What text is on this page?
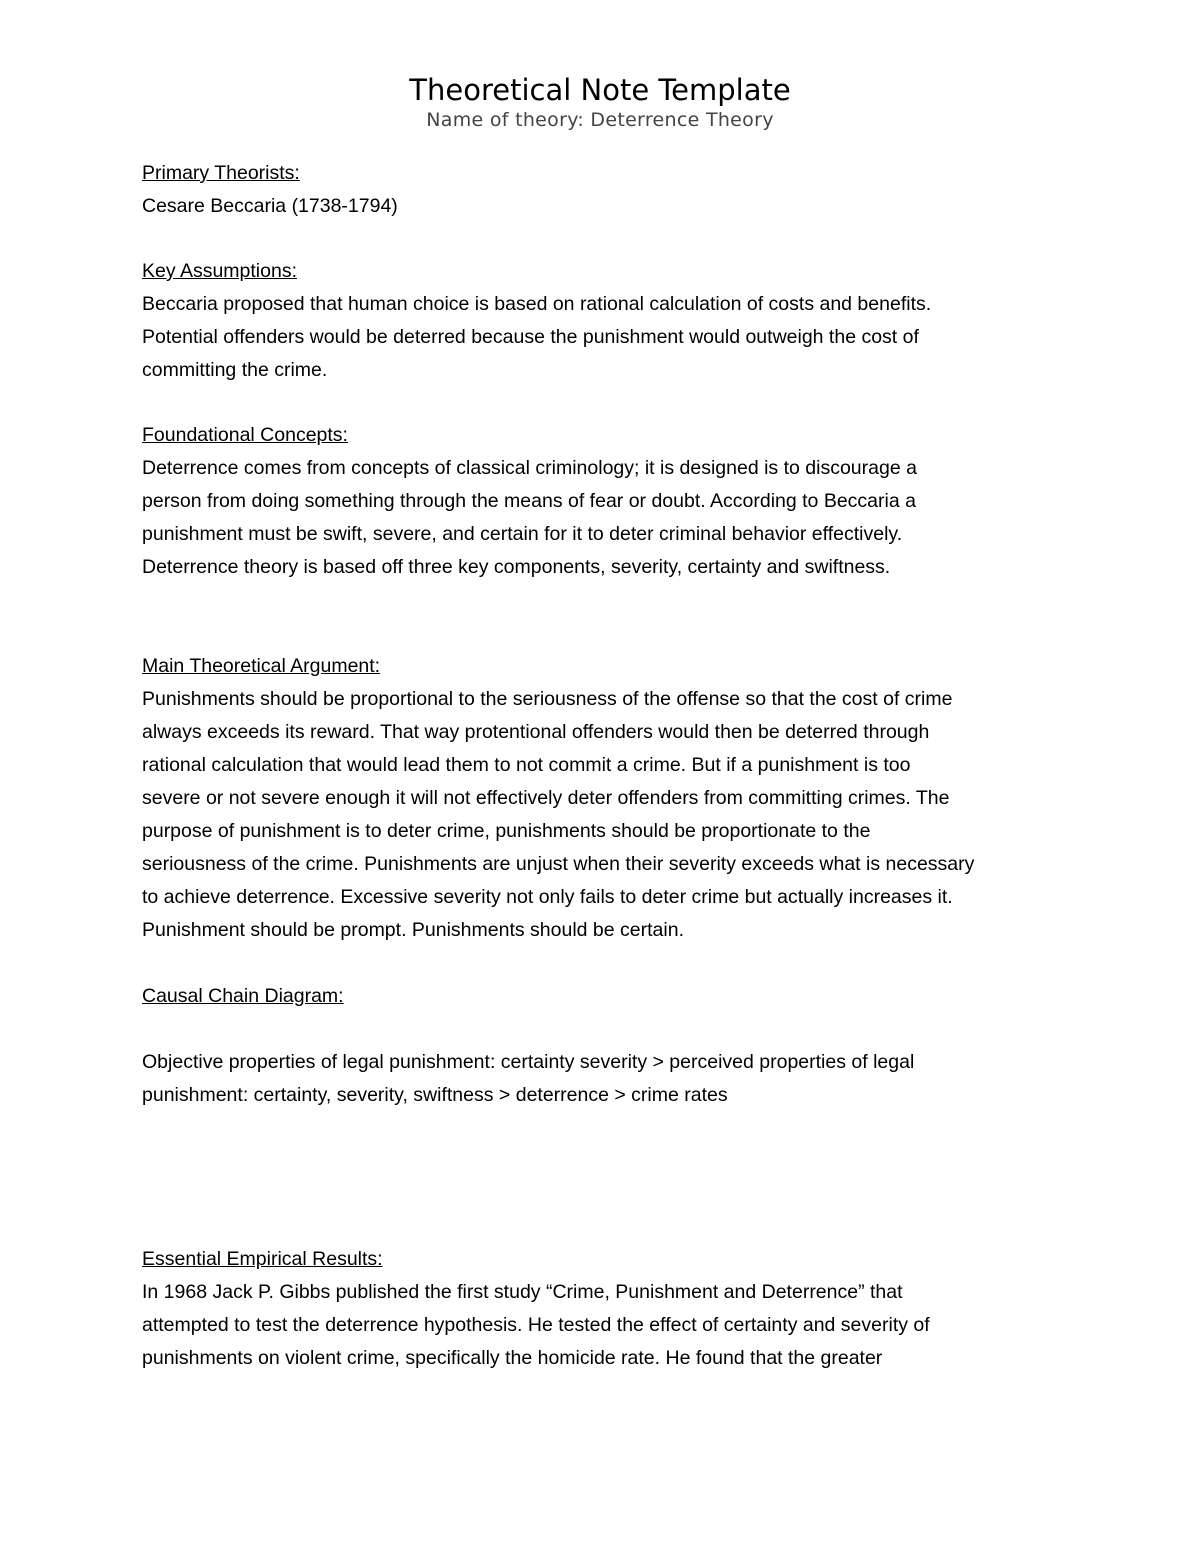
Theoretical Note Template
Name of theory: Deterrence Theory
Primary Theorists:
Cesare Beccaria (1738-1794)
Key Assumptions:
Beccaria proposed that human choice is based on rational calculation of costs and benefits.
Potential offenders would be deterred because the punishment would outweigh the cost of
committing the crime.
Foundational Concepts:
Deterrence comes from concepts of classical criminology; it is designed is to discourage a
person from doing something through the means of fear or doubt. According to Beccaria a
punishment must be swift, severe, and certain for it to deter criminal behavior effectively.
Deterrence theory is based off three key components, severity, certainty and swiftness.
Main Theoretical Argument:
Punishments should be proportional to the seriousness of the offense so that the cost of crime
always exceeds its reward. That way protentional offenders would then be deterred through
rational calculation that would lead them to not commit a crime. But if a punishment is too
severe or not severe enough it will not effectively deter offenders from committing crimes. The
purpose of punishment is to deter crime, punishments should be proportionate to the
seriousness of the crime. Punishments are unjust when their severity exceeds what is necessary
to achieve deterrence. Excessive severity not only fails to deter crime but actually increases it.
Punishment should be prompt. Punishments should be certain.
Causal Chain Diagram:
Objective properties of legal punishment: certainty severity > perceived properties of legal
punishment: certainty, severity, swiftness > deterrence > crime rates
Essential Empirical Results:
In 1968 Jack P. Gibbs published the first study “Crime, Punishment and Deterrence” that
attempted to test the deterrence hypothesis. He tested the effect of certainty and severity of
punishments on violent crime, specifically the homicide rate. He found that the greater
